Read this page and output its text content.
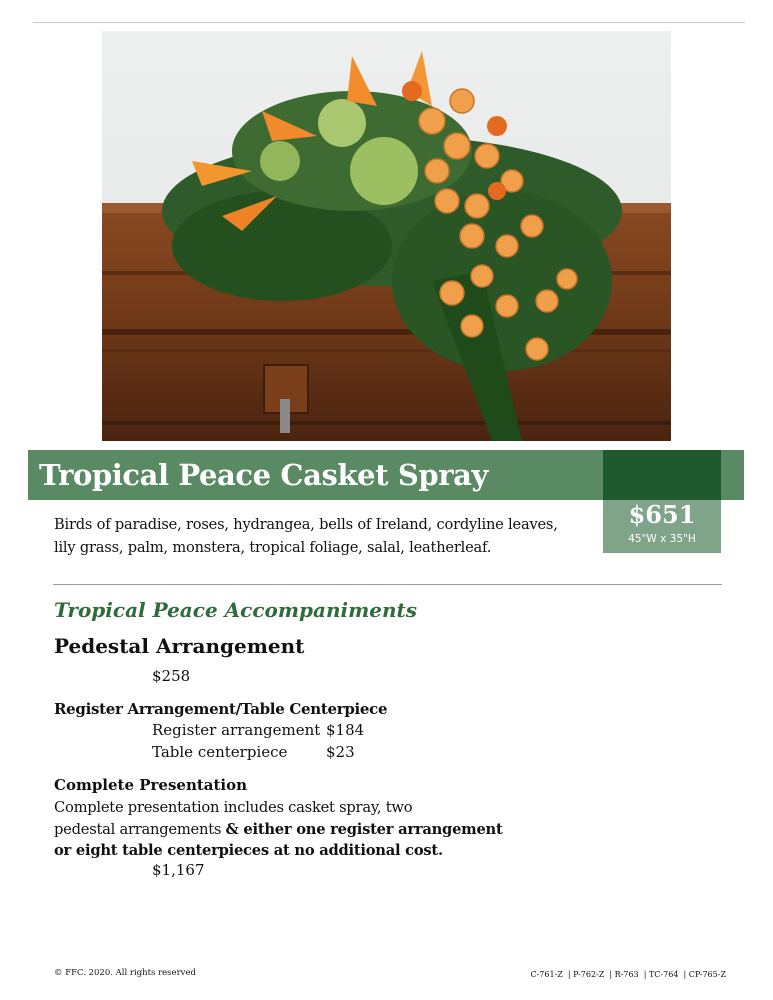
Tropical Peace Casket Spray
$651
45"W x 35"H
Birds of paradise, roses, hydrangea, bells of Ireland, cordyline leaves,
lily grass, palm, monstera, tropical foliage, salal, leatherleaf.
Tropical Peace Accompaniments
Pedestal Arrangement
$258
Register Arrangement/Table Centerpiece
Register arrangement $184
Table centerpiece	$23
Complete Presentation
Complete presentation includes casket spray, two
pedestal arrangements & either one register arrangement
or eight table centerpieces at no additional cost.
$1,167
© FFC. 2020. All rights reserved	C-761-Z  | P-762-Z  | R-763  | TC-764  | CP-765-Z
